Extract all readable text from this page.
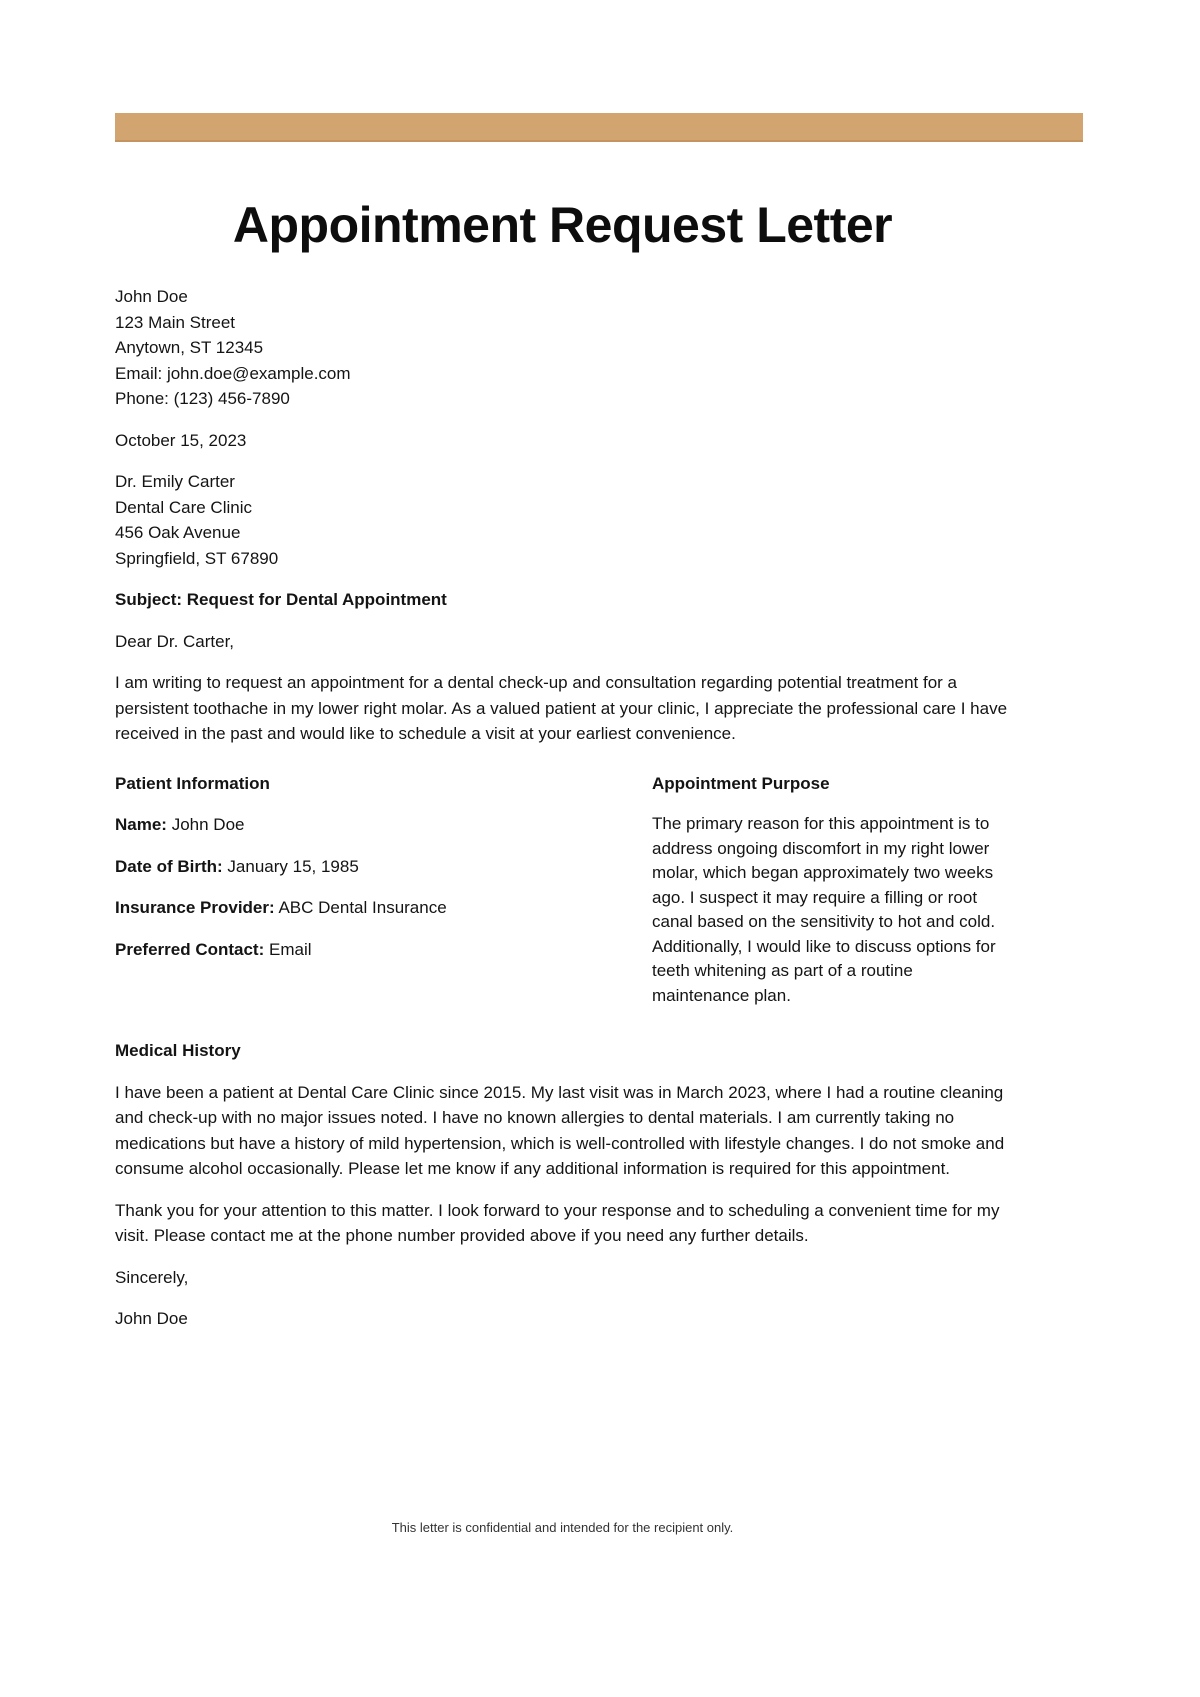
Appointment Request Letter

John Doe
123 Main Street
Anytown, ST 12345
Email: john.doe@example.com
Phone: (123) 456-7890

October 15, 2023

Dr. Emily Carter
Dental Care Clinic
456 Oak Avenue
Springfield, ST 67890

Subject: Request for Dental Appointment

Dear Dr. Carter,

I am writing to request an appointment for a dental check-up and consultation regarding potential treatment for a persistent toothache in my lower right molar. As a valued patient at your clinic, I appreciate the professional care I have received in the past and would like to schedule a visit at your earliest convenience.

Patient Information

Name: John Doe

Date of Birth: January 15, 1985

Insurance Provider: ABC Dental Insurance

Preferred Contact: Email

Appointment Purpose

The primary reason for this appointment is to address ongoing discomfort in my right lower molar, which began approximately two weeks ago. I suspect it may require a filling or root canal based on the sensitivity to hot and cold. Additionally, I would like to discuss options for teeth whitening as part of a routine maintenance plan.

Medical History

I have been a patient at Dental Care Clinic since 2015. My last visit was in March 2023, where I had a routine cleaning and check-up with no major issues noted. I have no known allergies to dental materials. I am currently taking no medications but have a history of mild hypertension, which is well-controlled with lifestyle changes. I do not smoke and consume alcohol occasionally. Please let me know if any additional information is required for this appointment.

Thank you for your attention to this matter. I look forward to your response and to scheduling a convenient time for my visit. Please contact me at the phone number provided above if you need any further details.

Sincerely,

John Doe

This letter is confidential and intended for the recipient only.
